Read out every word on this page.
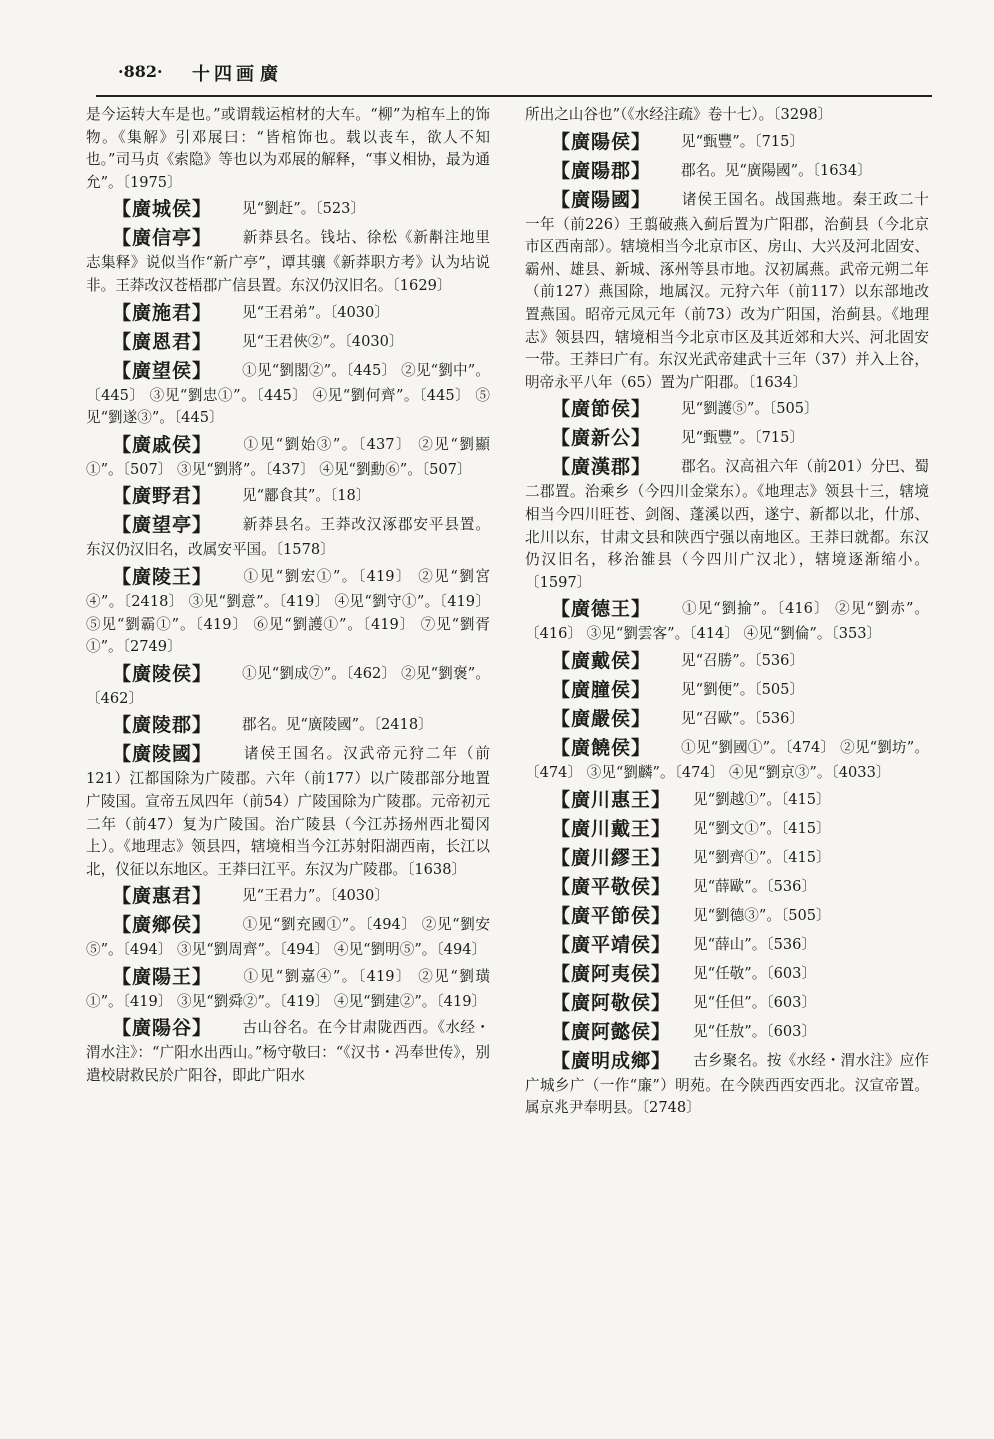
·882· 十四画 廣

是今运转大车是也。”或谓载运棺材的大车。“柳”为棺车上的饰物。《集解》引邓展曰：“皆棺饰也。载以丧车，欲人不知也。”司马贞《索隐》等也以为邓展的解释，“事义相协，最为通允”。〔1975〕

【廣城侯】 见“劉赶”。〔523〕

【廣信亭】 新莽县名。钱坫、徐松《新斠注地里志集释》说似当作“新广亭”，谭其骧《新莽职方考》认为坫说非。王莽改汉苍梧郡广信县置。东汉仍汉旧名。〔1629〕

【廣施君】 见“王君弟”。〔4030〕

【廣恩君】 见“王君俠②”。〔4030〕

【廣望侯】 ①见“劉閣②”。〔445〕 ②见“劉中”。〔445〕 ③见“劉忠①”。〔445〕 ④见“劉何齊”。〔445〕 ⑤见“劉遂③”。〔445〕

【廣戚侯】 ①见“劉始③”。〔437〕 ②见“劉顯①”。〔507〕 ③见“劉將”。〔437〕 ④见“劉勳⑥”。〔507〕

【廣野君】 见“酈食其”。〔18〕

【廣望亭】 新莽县名。王莽改汉涿郡安平县置。东汉仍汉旧名，改属安平国。〔1578〕

【廣陵王】 ①见“劉宏①”。〔419〕 ②见“劉宮④”。〔2418〕 ③见“劉意”。〔419〕 ④见“劉守①”。〔419〕 ⑤见“劉霸①”。〔419〕 ⑥见“劉護①”。〔419〕 ⑦见“劉胥①”。〔2749〕

【廣陵侯】 ①见“劉成⑦”。〔462〕 ②见“劉褒”。〔462〕

【廣陵郡】 郡名。见“廣陵國”。〔2418〕

【廣陵國】 诸侯王国名。汉武帝元狩二年（前121）江都国除为广陵郡。六年（前177）以广陵郡部分地置广陵国。宣帝五凤四年（前54）广陵国除为广陵郡。元帝初元二年（前47）复为广陵国。治广陵县（今江苏扬州西北蜀冈上）。《地理志》领县四，辖境相当今江苏射阳湖西南，长江以北，仪征以东地区。王莽曰江平。东汉为广陵郡。〔1638〕

【廣惠君】 见“王君力”。〔4030〕

【廣鄉侯】 ①见“劉充國①”。〔494〕 ②见“劉安⑤”。〔494〕 ③见“劉周齊”。〔494〕 ④见“劉明⑤”。〔494〕

【廣陽王】 ①见“劉嘉④”。〔419〕 ②见“劉璜①”。〔419〕 ③见“劉舜②”。〔419〕 ④见“劉建②”。〔419〕

【廣陽谷】 古山谷名。在今甘肃陇西西。《水经・渭水注》：“广阳水出西山。”杨守敬曰：“《汉书・冯奉世传》，别遣校尉救民於广阳谷，即此广阳水

所出之山谷也”（《水经注疏》卷十七）。〔3298〕

【廣陽侯】 见“甄豐”。〔715〕

【廣陽郡】 郡名。见“廣陽國”。〔1634〕

【廣陽國】 诸侯王国名。战国燕地。秦王政二十一年（前226）王翦破燕入蓟后置为广阳郡，治蓟县（今北京市区西南部）。辖境相当今北京市区、房山、大兴及河北固安、霸州、雄县、新城、涿州等县市地。汉初属燕。武帝元朔二年（前127）燕国除，地属汉。元狩六年（前117）以东部地改置燕国。昭帝元凤元年（前73）改为广阳国，治蓟县。《地理志》领县四，辖境相当今北京市区及其近郊和大兴、河北固安一带。王莽曰广有。东汉光武帝建武十三年（37）并入上谷，明帝永平八年（65）置为广阳郡。〔1634〕

【廣節侯】 见“劉護⑤”。〔505〕

【廣新公】 见“甄豐”。〔715〕

【廣漢郡】 郡名。汉高祖六年（前201）分巴、蜀二郡置。治乘乡（今四川金棠东）。《地理志》领县十三，辖境相当今四川旺苍、剑阁、蓬溪以西，遂宁、新都以北，什邡、北川以东，甘肃文县和陕西宁强以南地区。王莽曰就都。东汉仍汉旧名，移治雒县（今四川广汉北），辖境逐渐缩小。〔1597〕

【廣德王】 ①见“劉揄”。〔416〕 ②见“劉赤”。〔416〕 ③见“劉雲客”。〔414〕 ④见“劉倫”。〔353〕

【廣戴侯】 见“召勝”。〔536〕

【廣膧侯】 见“劉便”。〔505〕

【廣嚴侯】 见“召歐”。〔536〕

【廣饒侯】 ①见“劉國①”。〔474〕 ②见“劉坊”。〔474〕 ③见“劉麟”。〔474〕 ④见“劉京③”。〔4033〕

【廣川惠王】 见“劉越①”。〔415〕

【廣川戴王】 见“劉文①”。〔415〕

【廣川繆王】 见“劉齊①”。〔415〕

【廣平敬侯】 见“薛歐”。〔536〕

【廣平節侯】 见“劉德③”。〔505〕

【廣平靖侯】 见“薛山”。〔536〕

【廣阿夷侯】 见“任敬”。〔603〕

【廣阿敬侯】 见“任但”。〔603〕

【廣阿懿侯】 见“任敖”。〔603〕

【廣明成鄉】 古乡聚名。按《水经・渭水注》应作广城乡广（一作“廉”）明苑。在今陕西西安西北。汉宣帝置。属京兆尹奉明县。〔2748〕
